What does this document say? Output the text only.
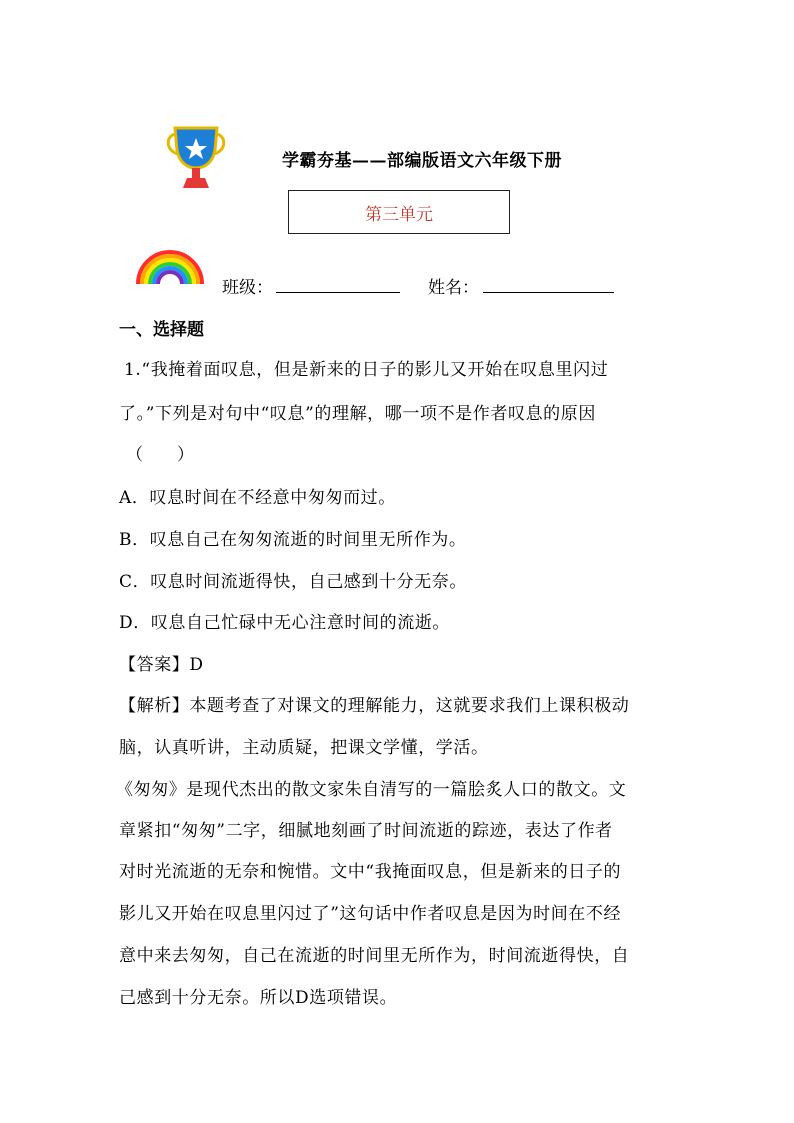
学霸夯基——部编版语文六年级下册
第三单元
班级：	姓名：
一、选择题
1.“我掩着面叹息，但是新来的日子的影儿又开始在叹息里闪过
了。”下列是对句中“叹息”的理解，哪一项不是作者叹息的原因
（　　）
A．叹息时间在不经意中匆匆而过。
B．叹息自己在匆匆流逝的时间里无所作为。
C．叹息时间流逝得快，自己感到十分无奈。
D．叹息自己忙碌中无心注意时间的流逝。
【答案】D
【解析】本题考查了对课文的理解能力，这就要求我们上课积极动
脑，认真听讲，主动质疑，把课文学懂，学活。
《匆匆》是现代杰出的散文家朱自清写的一篇脍炙人口的散文。文
章紧扣“匆匆”二字，细腻地刻画了时间流逝的踪迹，表达了作者
对时光流逝的无奈和惋惜。文中“我掩面叹息，但是新来的日子的
影儿又开始在叹息里闪过了”这句话中作者叹息是因为时间在不经
意中来去匆匆，自己在流逝的时间里无所作为，时间流逝得快，自
己感到十分无奈。所以D选项错误。
